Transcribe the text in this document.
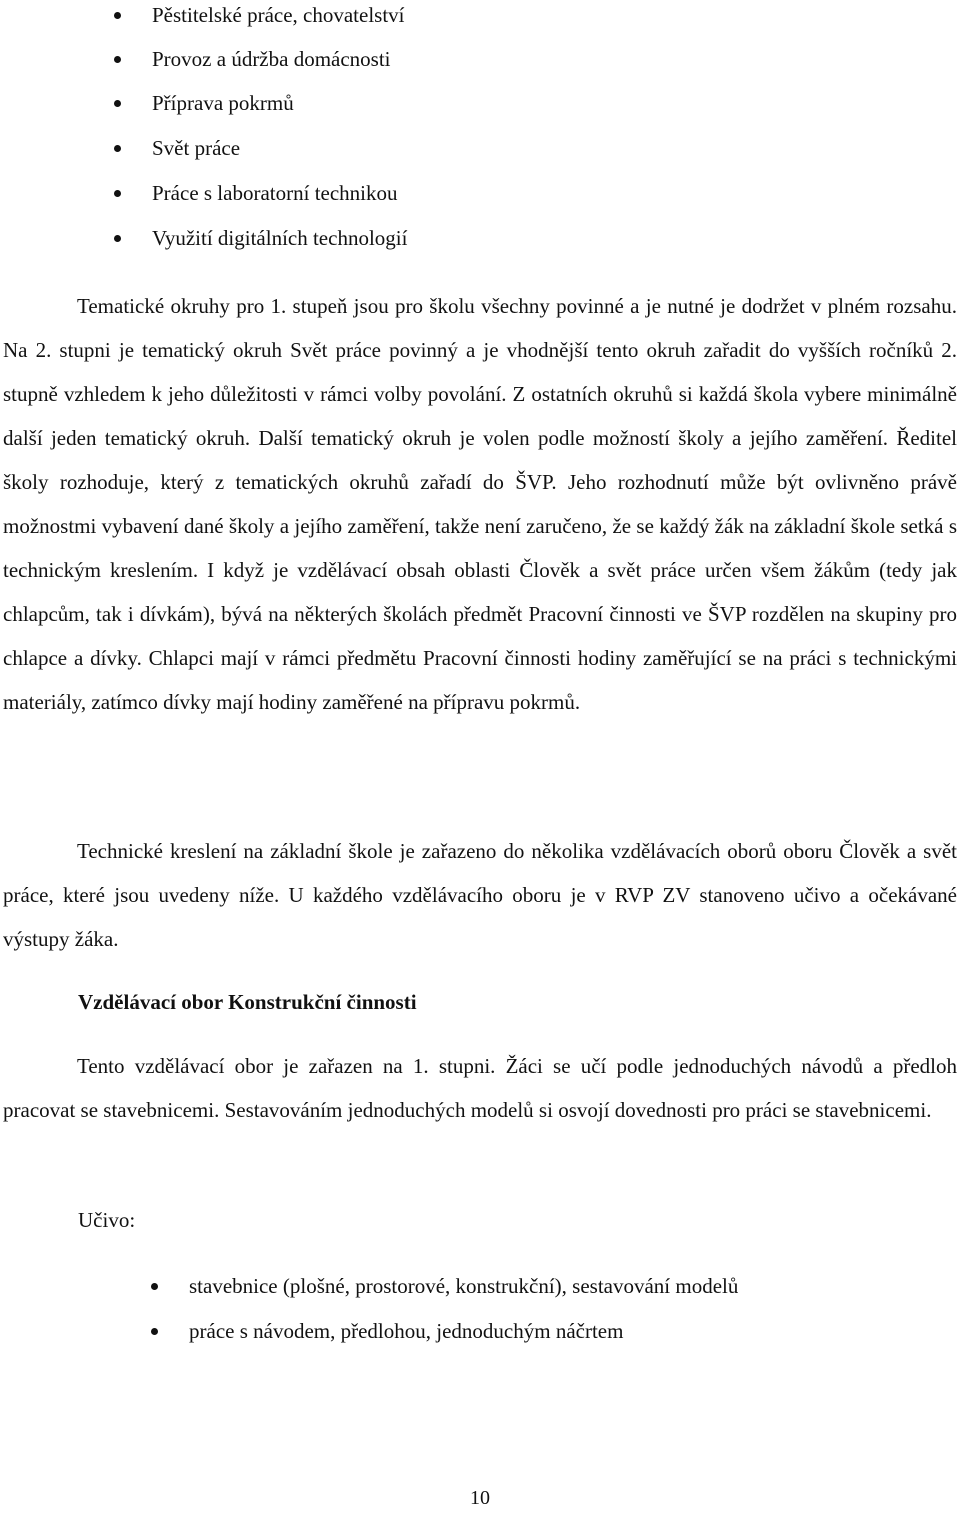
Pěstitelské práce, chovatelství
Provoz a údržba domácnosti
Příprava pokrmů
Svět práce
Práce s laboratorní technikou
Využití digitálních technologií

Tematické okruhy pro 1. stupeň jsou pro školu všechny povinné a je nutné je dodržet v plném rozsahu. Na 2. stupni je tematický okruh Svět práce povinný a je vhodnější tento okruh zařadit do vyšších ročníků 2. stupně vzhledem k jeho důležitosti v rámci volby povolání. Z ostatních okruhů si každá škola vybere minimálně další jeden tematický okruh. Další tematický okruh je volen podle možností školy a jejího zaměření. Ředitel školy rozhoduje, který z tematických okruhů zařadí do ŠVP. Jeho rozhodnutí může být ovlivněno právě možnostmi vybavení dané školy a jejího zaměření, takže není zaručeno, že se každý žák na základní škole setká s technickým kreslením. I když je vzdělávací obsah oblasti Člověk a svět práce určen všem žákům (tedy jak chlapcům, tak i dívkám), bývá na některých školách předmět Pracovní činnosti ve ŠVP rozdělen na skupiny pro chlapce a dívky. Chlapci mají v rámci předmětu Pracovní činnosti hodiny zaměřující se na práci s technickými materiály, zatímco dívky mají hodiny zaměřené na přípravu pokrmů.

Technické kreslení na základní škole je zařazeno do několika vzdělávacích oborů oboru Člověk a svět práce, které jsou uvedeny níže. U každého vzdělávacího oboru je v RVP ZV stanoveno učivo a očekávané výstupy žáka.

Vzdělávací obor Konstrukční činnosti

Tento vzdělávací obor je zařazen na 1. stupni. Žáci se učí podle jednoduchých návodů a předloh pracovat se stavebnicemi. Sestavováním jednoduchých modelů si osvojí dovednosti pro práci se stavebnicemi.

Učivo:
stavebnice (plošné, prostorové, konstrukční), sestavování modelů
práce s návodem, předlohou, jednoduchým náčrtem
10
